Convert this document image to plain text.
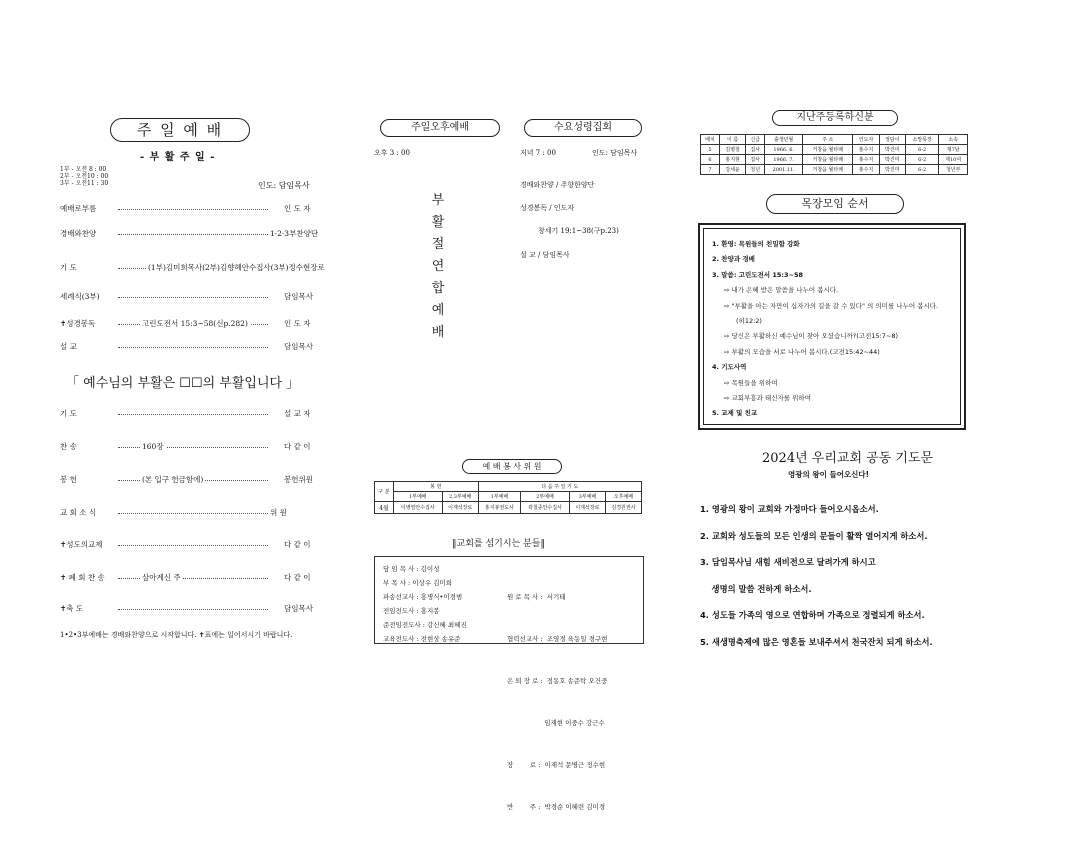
주 일 예 배
- 부 활 주 일 -
1부 - 오전 8 : 00
2부 - 오전10 : 00
3부 - 오전11 : 30	인도: 담임목사
예배로부름	인 도 자
경배와찬양	1·2·3부찬양단
기 도	(1부)김미희목사(2부)김향혜안수집사(3부)정수현장로
세례식(3부)	담임목사
✝성경봉독	고린도전서 15:3~58(신p.282)	인 도 자
설 교	담임목사
「 예수님의 부활은 ☐☐의 부활입니다 」
기 도	설 교 자
찬 송	160장	다 같 이
봉 헌	(본 입구 헌금함에)	봉헌위원
교 회 소 식	위 원
✝성도의교제	다 같 이
✝ 폐 회 찬 송	살아계신 주	다 같 이
✝축 도	담임목사
1•2•3부예배는 경배와찬양으로 시작합니다. ✝표에는 일어서시기 바랍니다.
주일오후예배
오후 3 : 00
부
활
절
연
합
예
배
수요성령집회
저녁 7 : 00	인도: 담임목사
경배와찬양 / 주향한양단
성경봉독 / 인도자
창세기 19:1~38(구p.23)
설 교 / 담임목사
예 배 봉 사 위 원
구 분	봉 헌		다 음 주 일 기 도			
	1부예배	2,3부예배	1부예배	2부예배	3부예배	오후예배
4월	이병열안수집사	이재석장로	홍지봉권도사	곽철종안수집사	이재석장로	김경원권사
‖교회를 섬기시는 분들‖
담 임 목 사 : 김이성
부 목 사 : 이상우 김미희
파송선교사 : 홍병식•이경범
전임전도사 : 홍지봉
준전임전도사 : 강신혜 최혜진
교육전도사 : 전현상 송유준

원 로 목 사 :  서기태

협력선교사 :  조영경 육동일 경구현

은 퇴 장 로 :  정동호 송준탁 오건중

임재현 이중수 강근수

장        로 :  이재석 문병근 정수현

반        주 :  박경순 이혜련 김미경

지난주등록하신분
배치	이 름	신급	출생년월	주 소	인도자	정담이	소망목장	소속
5	김병철	집사	1966. 6.	거창읍 월타례	홍수지	박진미	6-2	제7남
6	홍지현	집사	1966. 7.	거창읍 월타례	홍수지	박진미	6-2	제10여
7	강세윤	청년	2001.11.	거창읍 월타례	홍수지	박진미	6-2	청년부
목장모임 순서
1. 환영: 목원들의 친밀함 강화
2. 찬양과 경배
3. 말씀: 고린도전서 15:3~58
⇨ 내가 은혜 받은 말씀을 나누어 봅시다.
⇨ "부활을 아는 자만이 십자가의 길을 갈 수 있다" 의 의미를 나누어 봅시다.
(히12:2)
⇨ 당신은 부활하신 예수님이 찾아 오셨습니까?(고전15:7~8)
⇨ 부활의 모습을 서로 나누어 봅시다.(고전15:42~44)
4. 기도사역
⇨ 목원들을 위하여
⇨ 교회부흥과 태신자를 위하여
5. 교제 및 친교
2024년 우리교회 공동 기도문
영광의 왕이 들어오신다!
1. 영광의 왕이 교회와 가정마다 들어오시옵소서.
2. 교회와 성도들의 모든 인생의 문들이 활짝 열어지게 하소서.
3. 담임목사님 새힘 새비전으로 달려가게 하시고
생명의 말씀 전하게 하소서.
4. 성도들 가족의 영으로 연합하며 가족으로 정렬되게 하소서.
5. 새생명축제에 많은 영혼들 보내주셔서 천국잔치 되게 하소서.
